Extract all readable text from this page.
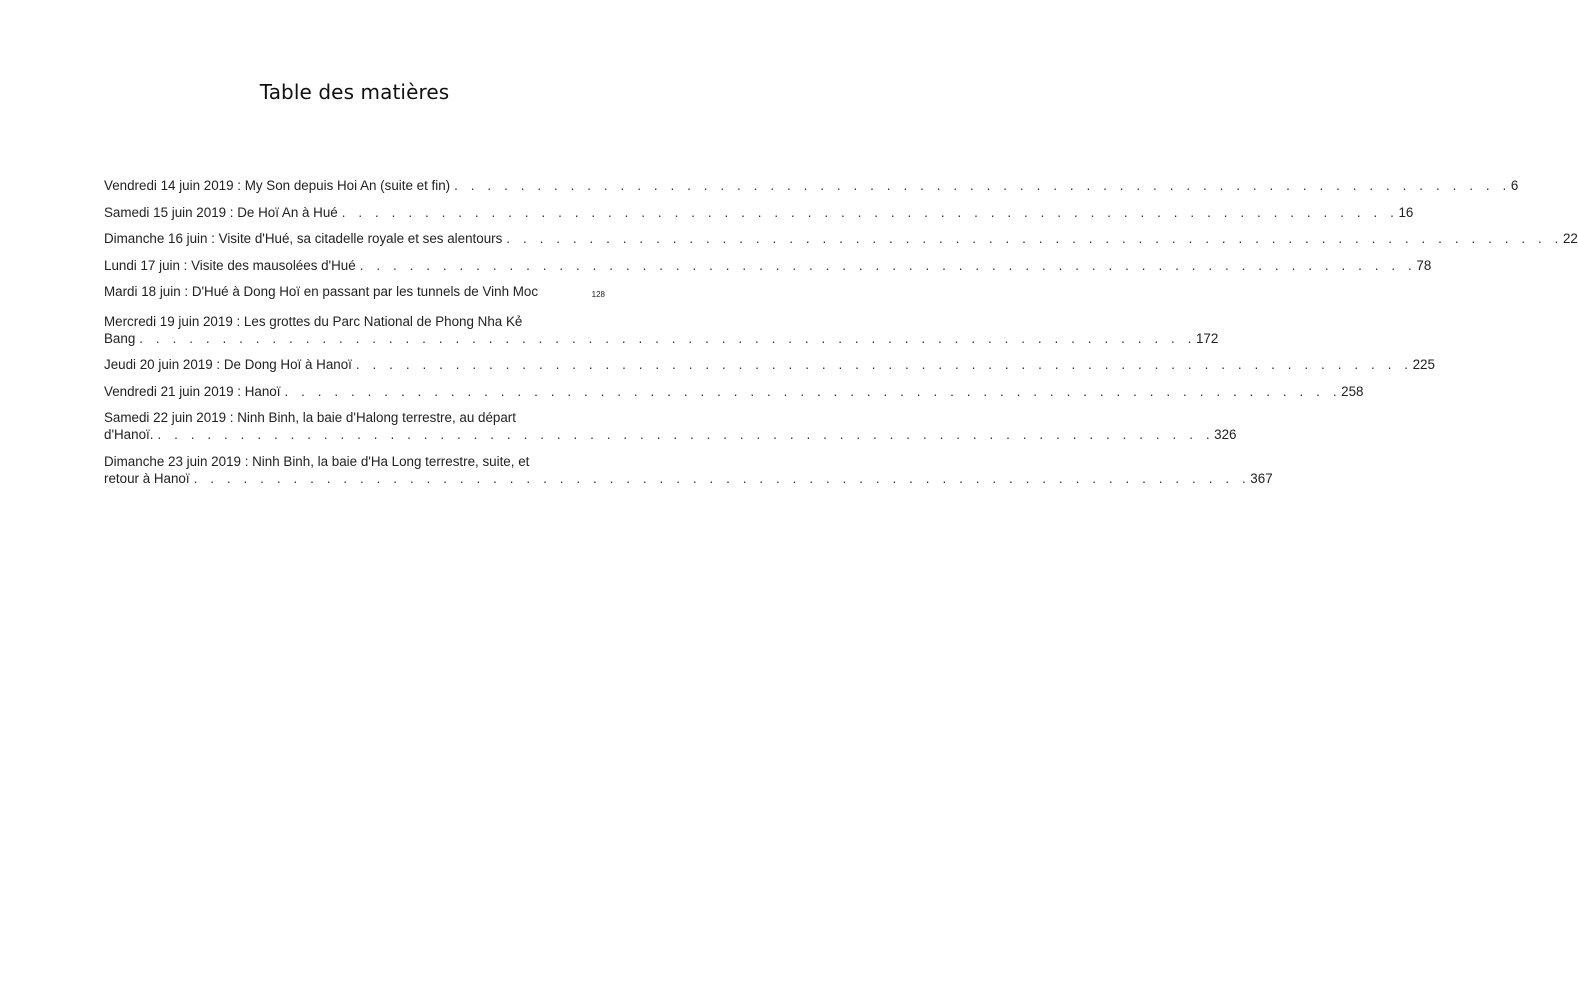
Table des matières
Vendredi 14 juin 2019 : My Son depuis Hoi An (suite et fin) . . . . . . . . . . . . . . . . . . . . . . . . . . . . . . . . . . . . . . . . . . . . . . . . . . . . . . . . . . . . . . . . 6
Samedi 15 juin 2019 : De Hoï An à Hué . . . . . . . . . . . . . . . . . . . . . . . . . . . . . . . . . . . . . . . . . . . . . . . . . . . . . . . . . . . . . . . . 16
Dimanche 16 juin : Visite d'Hué, sa citadelle royale et ses alentours . . . . . . . . . . . . . . . . . . . . . . . . . . . . . . . . . . . . . . . . . . . . . . . . . . . . . . . . . . . . . . . . 22
Lundi 17 juin : Visite des mausolées d'Hué . . . . . . . . . . . . . . . . . . . . . . . . . . . . . . . . . . . . . . . . . . . . . . . . . . . . . . . . . . . . . . . . 78
Mardi 18 juin : D'Hué à Dong Hoï en passant par les tunnels de Vinh Moc	128
Mercredi 19 juin 2019 : Les grottes du Parc National de Phong Nha Kẻ
Bang . . . . . . . . . . . . . . . . . . . . . . . . . . . . . . . . . . . . . . . . . . . . . . . . . . . . . . . . . . . . . . . . 172
Jeudi 20 juin 2019 : De Dong Hoï à Hanoï . . . . . . . . . . . . . . . . . . . . . . . . . . . . . . . . . . . . . . . . . . . . . . . . . . . . . . . . . . . . . . . . 225
Vendredi 21 juin 2019 : Hanoï . . . . . . . . . . . . . . . . . . . . . . . . . . . . . . . . . . . . . . . . . . . . . . . . . . . . . . . . . . . . . . . . 258
Samedi 22 juin 2019 : Ninh Binh, la baie d'Halong terrestre, au départ
d'Hanoï. . . . . . . . . . . . . . . . . . . . . . . . . . . . . . . . . . . . . . . . . . . . . . . . . . . . . . . . . . . . . . . . . 326
Dimanche 23 juin 2019 : Ninh Binh, la baie d'Ha Long terrestre, suite, et
retour à Hanoï . . . . . . . . . . . . . . . . . . . . . . . . . . . . . . . . . . . . . . . . . . . . . . . . . . . . . . . . . . . . . . . . 367
